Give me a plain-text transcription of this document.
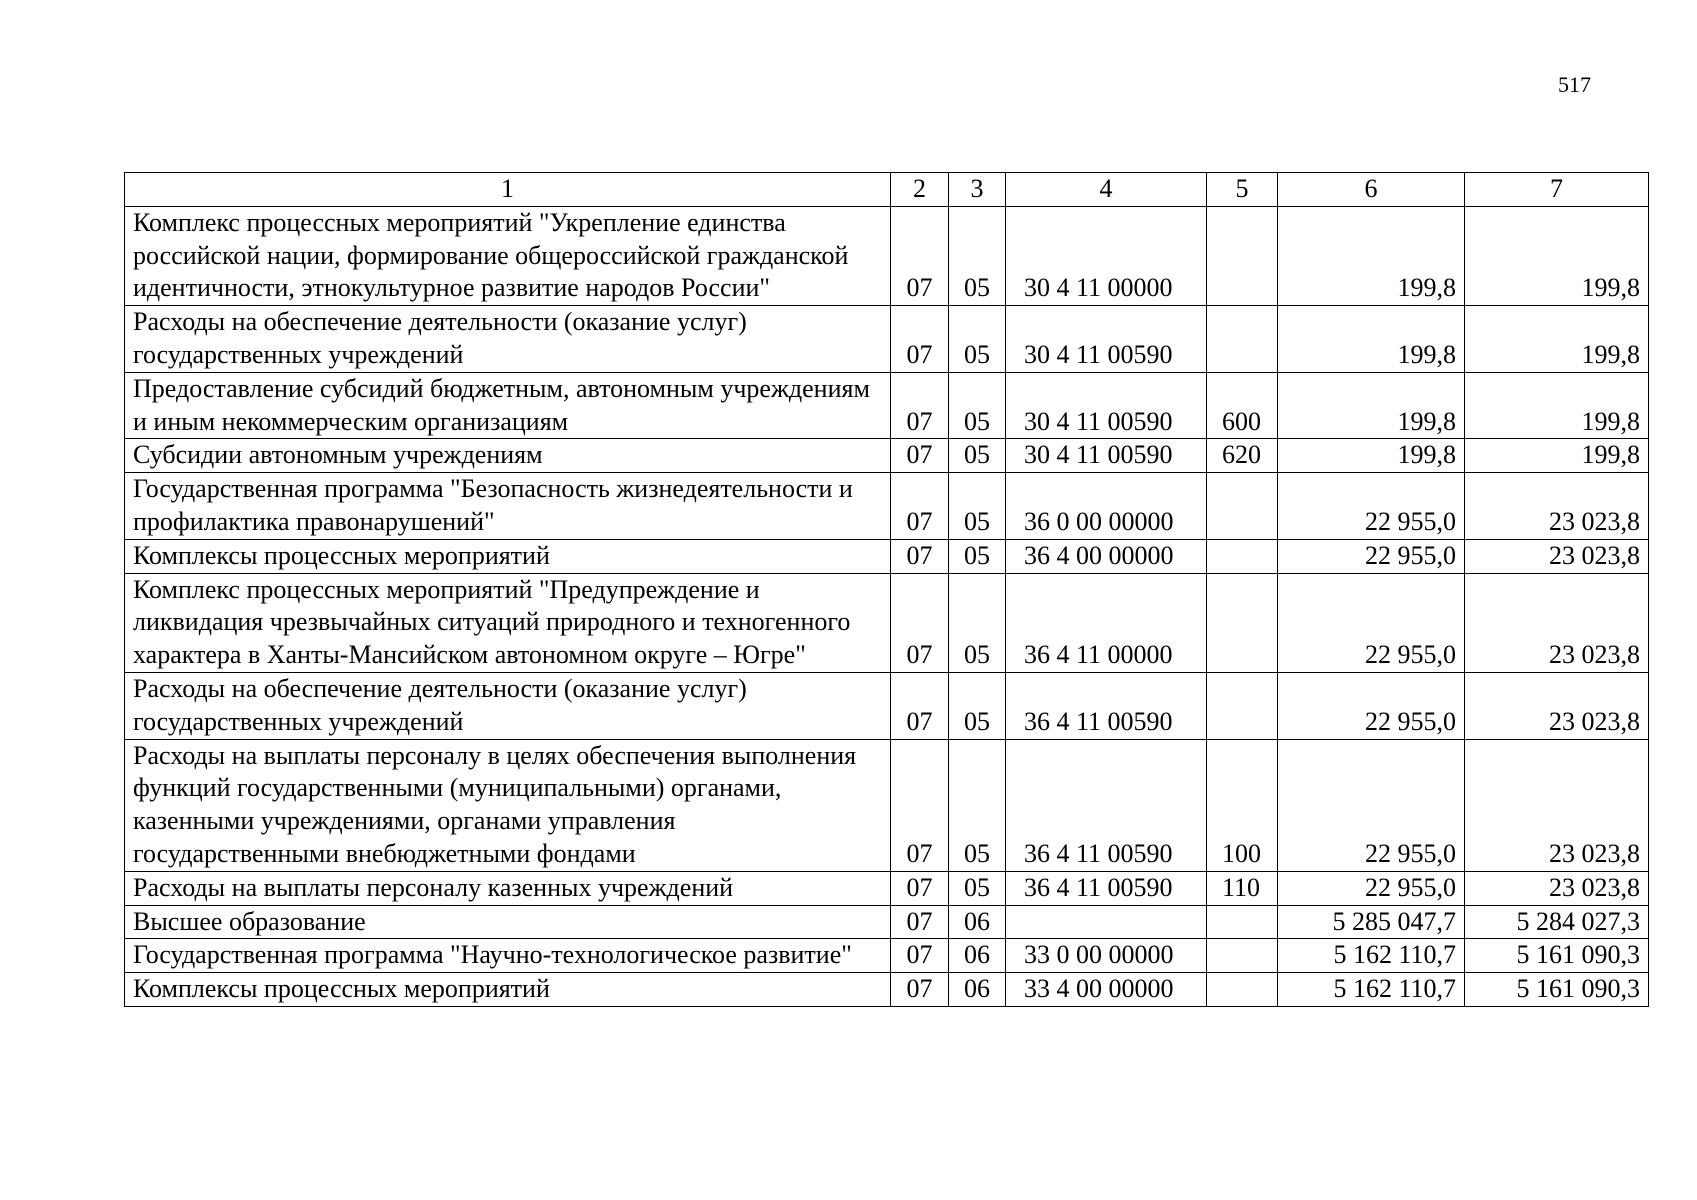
517
1	2	3	4	5	6	7
Комплекс процессных мероприятий "Укрепление единства российской нации, формирование общероссийской гражданской идентичности, этнокультурное развитие народов России"	07	05	30 4 11 00000		199,8	199,8
Расходы на обеспечение деятельности (оказание услуг) государственных учреждений	07	05	30 4 11 00590		199,8	199,8
Предоставление субсидий бюджетным, автономным учреждениям и иным некоммерческим организациям	07	05	30 4 11 00590	600	199,8	199,8
Субсидии автономным учреждениям	07	05	30 4 11 00590	620	199,8	199,8
Государственная программа "Безопасность жизнедеятельности и профилактика правонарушений"	07	05	36 0 00 00000		22 955,0	23 023,8
Комплексы процессных мероприятий	07	05	36 4 00 00000		22 955,0	23 023,8
Комплекс процессных мероприятий "Предупреждение и ликвидация чрезвычайных ситуаций природного и техногенного характера в Ханты-Мансийском автономном округе – Югре"	07	05	36 4 11 00000		22 955,0	23 023,8
Расходы на обеспечение деятельности (оказание услуг) государственных учреждений	07	05	36 4 11 00590		22 955,0	23 023,8
Расходы на выплаты персоналу в целях обеспечения выполнения функций государственными (муниципальными) органами, казенными учреждениями, органами управления государственными внебюджетными фондами	07	05	36 4 11 00590	100	22 955,0	23 023,8
Расходы на выплаты персоналу казенных учреждений	07	05	36 4 11 00590	110	22 955,0	23 023,8
Высшее образование	07	06			5 285 047,7	5 284 027,3
Государственная программа "Научно-технологическое развитие"	07	06	33 0 00 00000		5 162 110,7	5 161 090,3
Комплексы процессных мероприятий	07	06	33 4 00 00000		5 162 110,7	5 161 090,3
